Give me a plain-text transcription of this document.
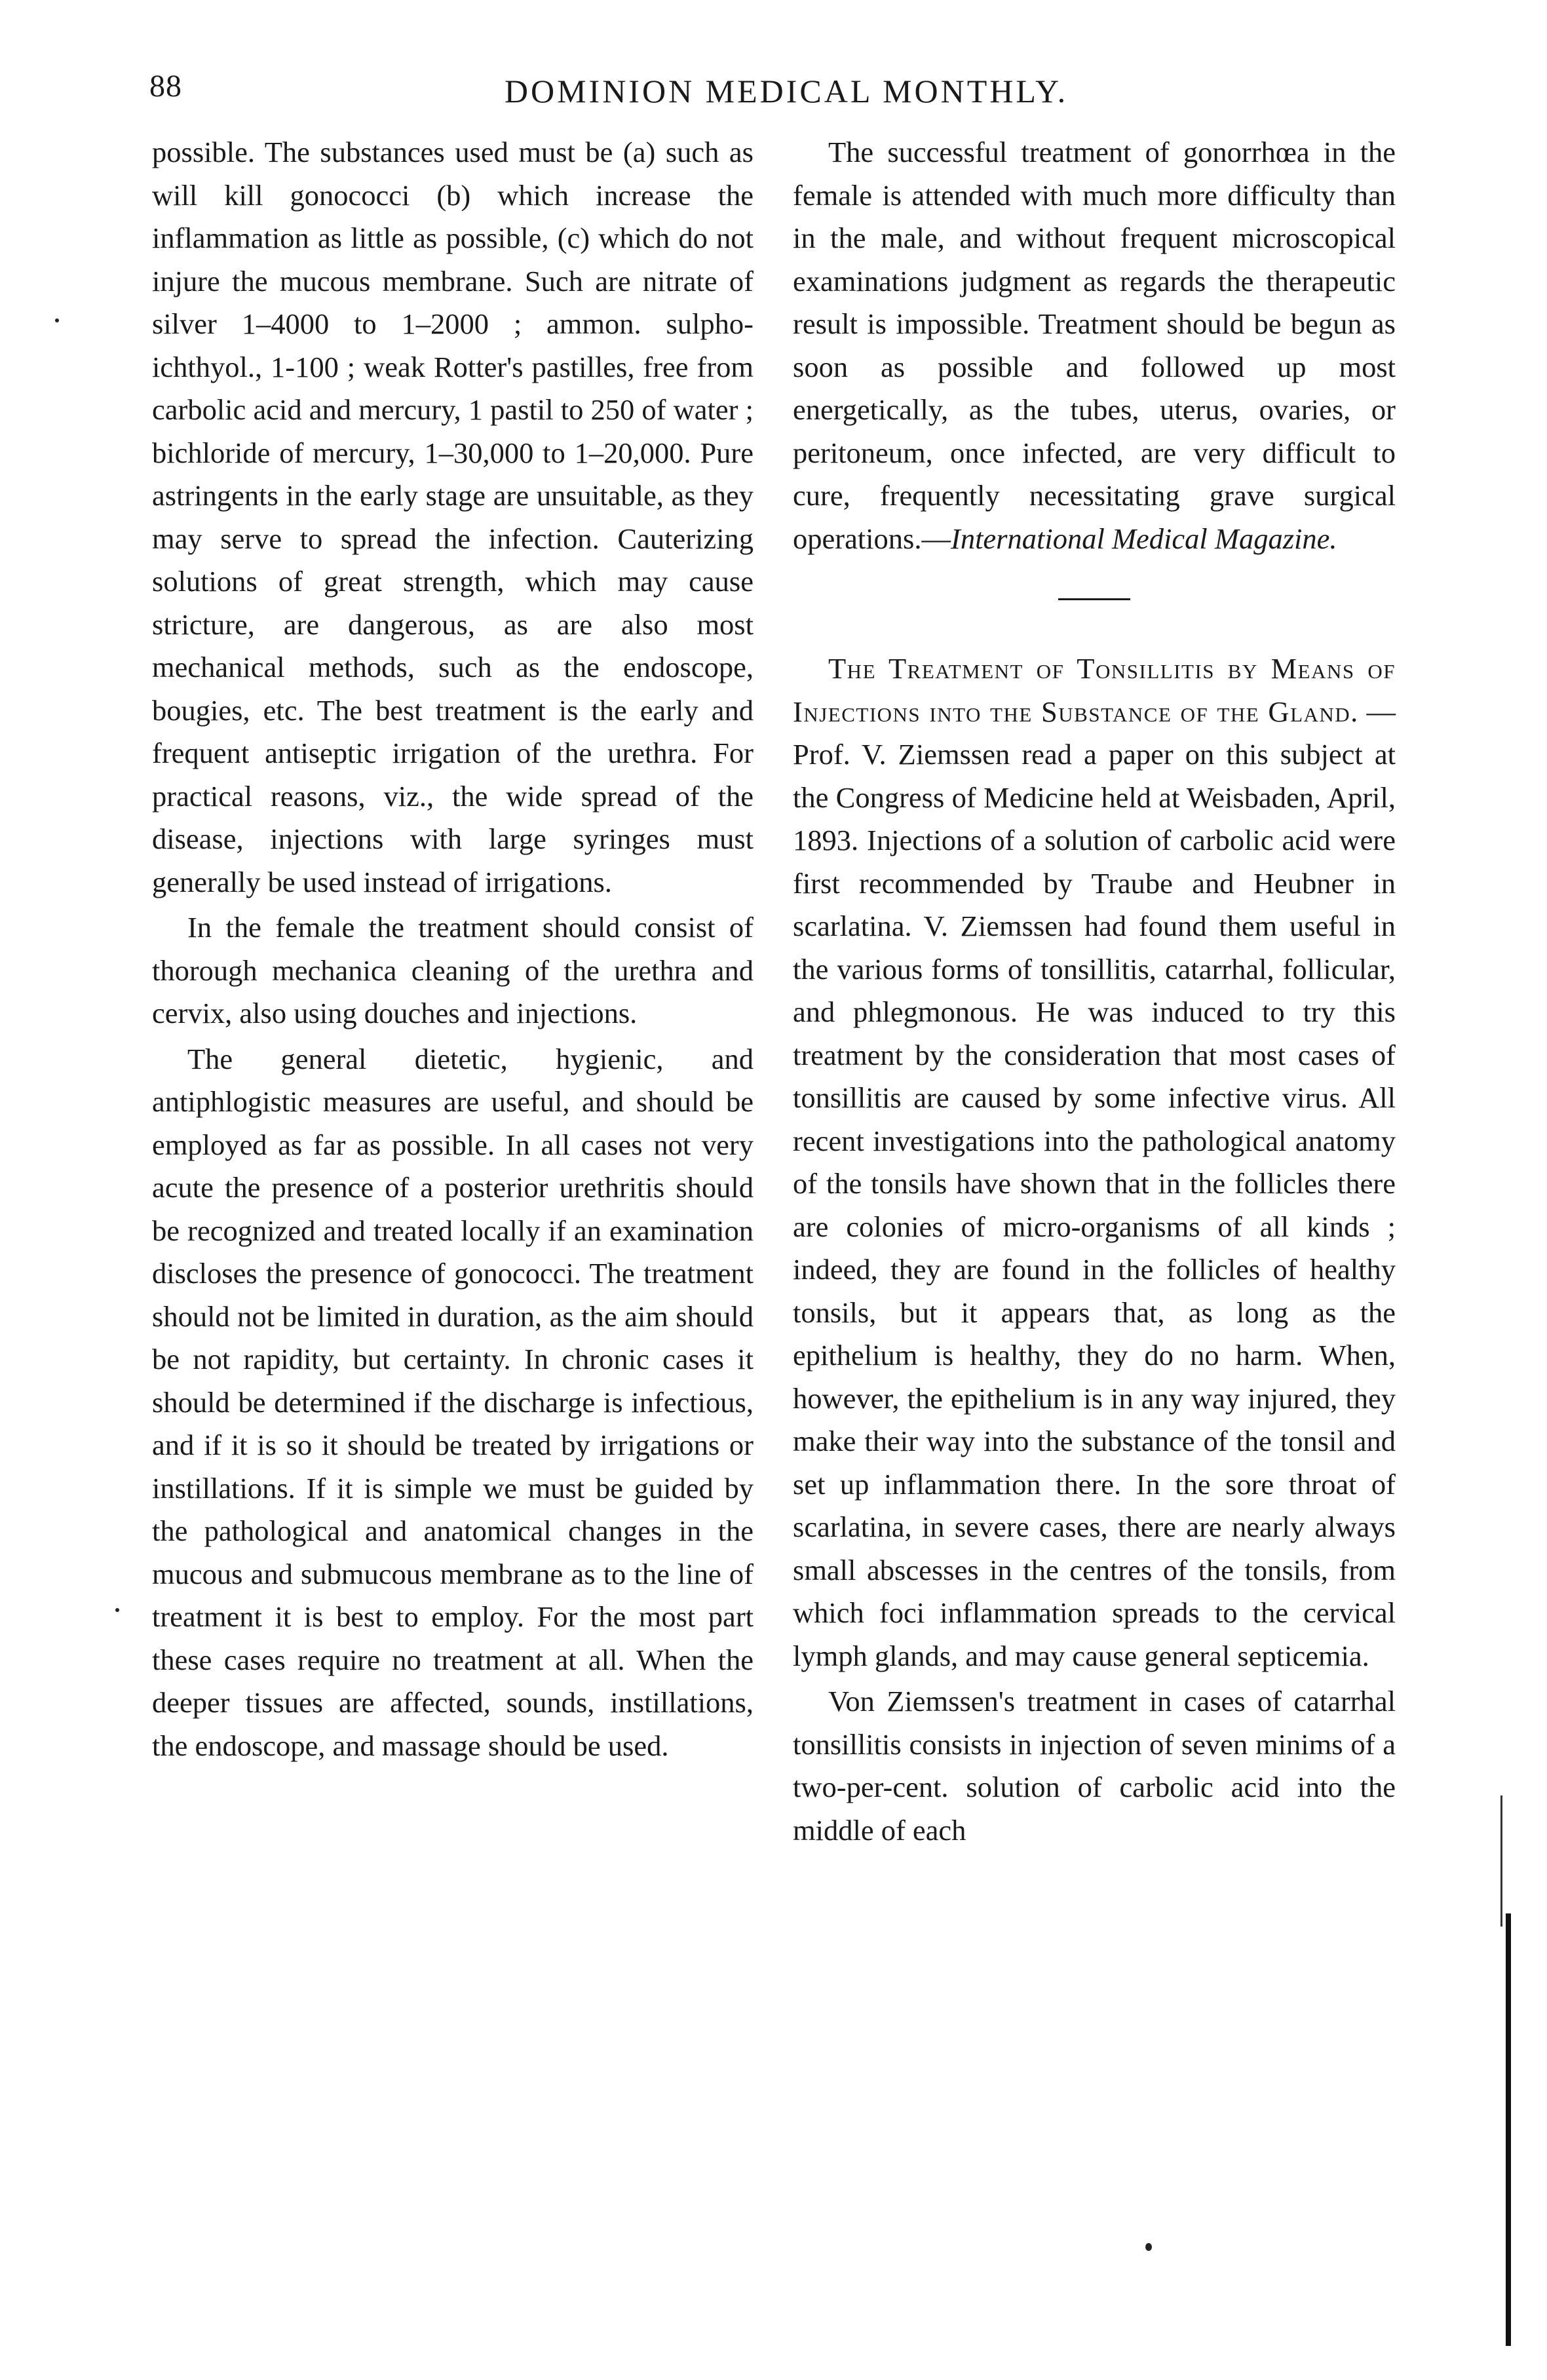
88	DOMINION MEDICAL MONTHLY.

possible. The substances used must be (a) such as will kill gonococci (b) which increase the inflammation as little as possible, (c) which do not injure the mucous membrane. Such are nitrate of silver 1–4000 to 1–2000 ; ammon. sulpho-ichthyol., 1-100 ; weak Rotter's pastilles, free from carbolic acid and mercury, 1 pastil to 250 of water ; bichloride of mercury, 1–30,000 to 1–20,000. Pure astringents in the early stage are unsuitable, as they may serve to spread the infection. Cauterizing solutions of great strength, which may cause stricture, are dangerous, as are also most mechanical methods, such as the endoscope, bougies, etc. The best treatment is the early and frequent antiseptic irrigation of the urethra. For practical reasons, viz., the wide spread of the disease, injections with large syringes must generally be used instead of irrigations.

In the female the treatment should consist of thorough mechanica cleaning of the urethra and cervix, also using douches and injections.

The general dietetic, hygienic, and antiphlogistic measures are useful, and should be employed as far as possible. In all cases not very acute the presence of a posterior urethritis should be recognized and treated locally if an examination discloses the presence of gonococci. The treatment should not be limited in duration, as the aim should be not rapidity, but certainty. In chronic cases it should be determined if the discharge is infectious, and if it is so it should be treated by irrigations or instillations. If it is simple we must be guided by the pathological and anatomical changes in the mucous and submucous membrane as to the line of treatment it is best to employ. For the most part these cases require no treatment at all. When the deeper tissues are affected, sounds, instillations, the endoscope, and massage should be used.

The successful treatment of gonorrhœa in the female is attended with much more difficulty than in the male, and without frequent microscopical examinations judgment as regards the therapeutic result is impossible. Treatment should be begun as soon as possible and followed up most energetically, as the tubes, uterus, ovaries, or peritoneum, once infected, are very difficult to cure, frequently necessitating grave surgical operations.—International Medical Magazine.

The Treatment of Tonsillitis by Means of Injections into the Substance of the Gland. — Prof. V. Ziemssen read a paper on this subject at the Congress of Medicine held at Weisbaden, April, 1893. Injections of a solution of carbolic acid were first recommended by Traube and Heubner in scarlatina. V. Ziemssen had found them useful in the various forms of tonsillitis, catarrhal, follicular, and phlegmonous. He was induced to try this treatment by the consideration that most cases of tonsillitis are caused by some infective virus. All recent investigations into the pathological anatomy of the tonsils have shown that in the follicles there are colonies of micro-organisms of all kinds ; indeed, they are found in the follicles of healthy tonsils, but it appears that, as long as the epithelium is healthy, they do no harm. When, however, the epithelium is in any way injured, they make their way into the substance of the tonsil and set up inflammation there. In the sore throat of scarlatina, in severe cases, there are nearly always small abscesses in the centres of the tonsils, from which foci inflammation spreads to the cervical lymph glands, and may cause general septicemia.

Von Ziemssen's treatment in cases of catarrhal tonsillitis consists in injection of seven minims of a two-per-cent. solution of carbolic acid into the middle of each
